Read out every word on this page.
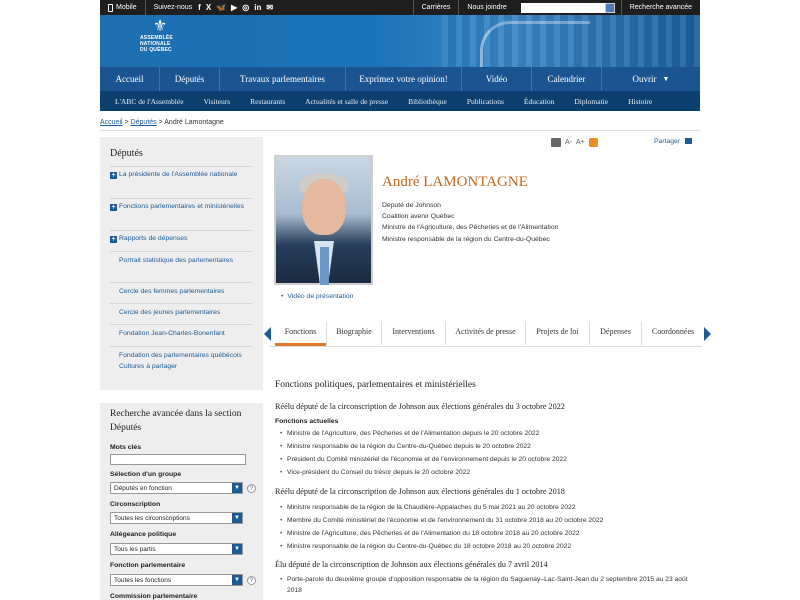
Mobile Suivez-nous f X 🦋 ▶ ◎ in ✉	Carrières	Nous joindre	Recherche avancée
⚜
ASSEMBLÉE
NATIONALE
DU QUÉBEC
Accueil	Députés	Travaux parlementaires	Exprimez votre opinion!	Vidéo	Calendrier	Ouvrir ▼
L'ABC de l'Assemblée	Visiteurs	Restaurants	Actualités et salle de presse	Bibliothèque	Publications	Éducation	Diplomatie	Histoire
Accueil > Députés > André Lamontagne
Députés
+ La présidente de l'Assemblée nationale
+ Fonctions parlementaires et ministérielles
+ Rapports de dépenses
Portrait statistique des parlementaires
Cercle des femmes parlementaires
Cercle des jeunes parlementaires
Fondation Jean-Charles-Bonenfant
Fondation des parlementaires québécois Cultures à partager
Recherche avancée dans la section Députés
Mots clés
Sélection d'un groupe
Députés en fonction	▼	?
Circonscription
Toutes les circonscriptions	▼
Allégeance politique
Tous les partis	▼
Fonction parlementaire
Toutes les fonctions	▼	?
Commission parlementaire
A- A+	Partager
André LAMONTAGNE
Député de Johnson
Coalition avenir Québec
Ministre de l'Agriculture, des Pêcheries et de l'Alimentation
Ministre responsable de la région du Centre-du-Québec
• Vidéo de présentation
Fonctions	Biographie	Interventions	Activités de presse	Projets de loi	Dépenses	Coordonnées
Fonctions politiques, parlementaires et ministérielles
Réélu député de la circonscription de Johnson aux élections générales du 3 octobre 2022
Fonctions actuelles
• Ministre de l'Agriculture, des Pêcheries et de l'Alimentation depuis le 20 octobre 2022
• Ministre responsable de la région du Centre-du-Québec depuis le 20 octobre 2022
• Président du Comité ministériel de l'économie et de l'environnement depuis le 20 octobre 2022
• Vice-président du Conseil du trésor depuis le 20 octobre 2022
Réélu député de la circonscription de Johnson aux élections générales du 1 octobre 2018
• Ministre responsable de la région de la Chaudière-Appalaches du 5 mai 2021 au 20 octobre 2022
• Membre du Comité ministériel de l'économie et de l'environnement du 31 octobre 2018 au 20 octobre 2022
• Ministre de l'Agriculture, des Pêcheries et de l'Alimentation du 18 octobre 2018 au 20 octobre 2022
• Ministre responsable de la région du Centre-du-Québec du 18 octobre 2018 au 20 octobre 2022
Élu député de la circonscription de Johnson aux élections générales du 7 avril 2014
• Porte-parole du deuxième groupe d'opposition responsable de la région du Saguenay–Lac-Saint-Jean du 2 septembre 2015 au 23 août 2018
